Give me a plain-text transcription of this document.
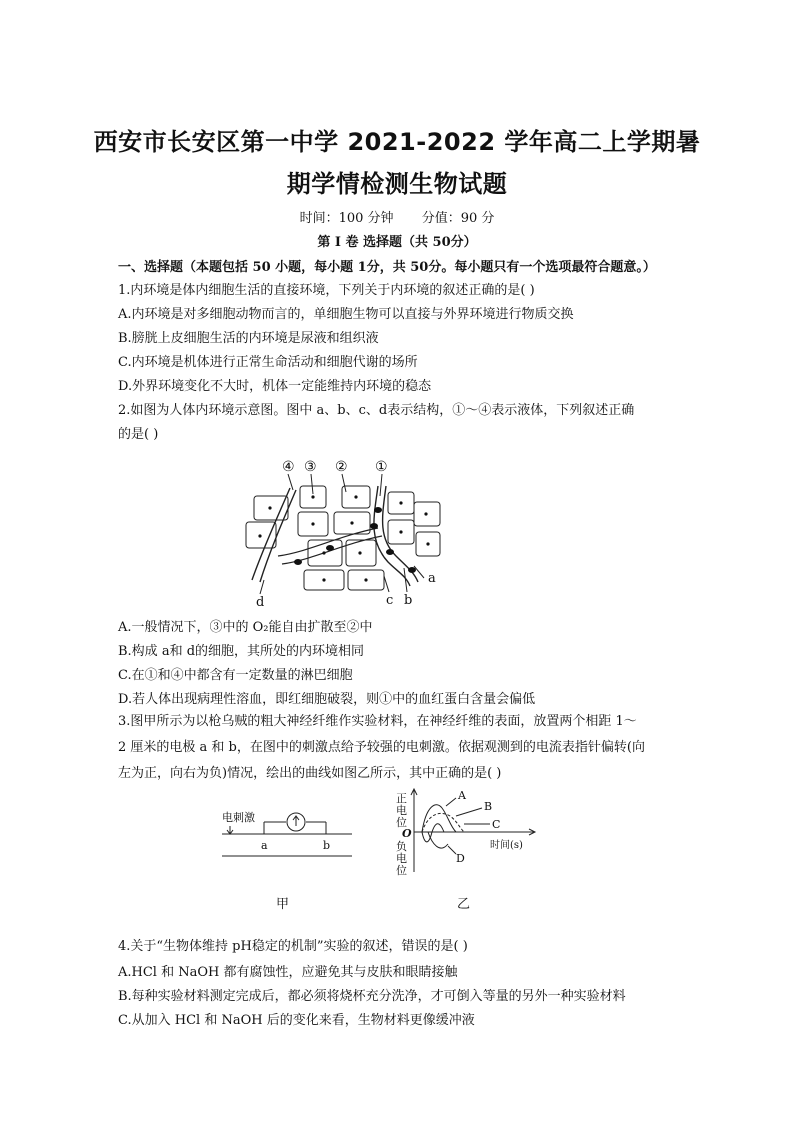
西安市长安区第一中学 2021-2022 学年高二上学期暑
期学情检测生物试题
时间：100 分钟 分值：90 分
第 I 卷 选择题（共 50分）
一、选择题（本题包括 50 小题，每小题 1分，共 50分。每小题只有一个选项最符合题意。）
1.内环境是体内细胞生活的直接环境，下列关于内环境的叙述正确的是( )
A.内环境是对多细胞动物而言的，单细胞生物可以直接与外界环境进行物质交换
B.膀胱上皮细胞生活的内环境是尿液和组织液
C.内环境是机体进行正常生命活动和细胞代谢的场所
D.外界环境变化不大时，机体一定能维持内环境的稳态
2.如图为人体内环境示意图。图中 a、b、c、d表示结构，①～④表示液体，下列叙述正确
的是( )
④ ③ ② ①
a
b
c
d
A.一般情况下，③中的 O₂能自由扩散至②中
B.构成 a和 d的细胞，其所处的内环境相同
C.在①和④中都含有一定数量的淋巴细胞
D.若人体出现病理性溶血，即红细胞破裂，则①中的血红蛋白含量会偏低
3.图甲所示为以枪乌贼的粗大神经纤维作实验材料，在神经纤维的表面，放置两个相距 1～
2 厘米的电极 a 和 b，在图中的刺激点给予较强的电刺激。依据观测到的电流表指针偏转(向
左为正，向右为负)情况，绘出的曲线如图乙所示，其中正确的是( )
电刺激
a	b
甲
正
电
位
O
负
电
位
A
B
C
D
时间(s)
乙
4.关于“生物体维持 pH稳定的机制”实验的叙述，错误的是( )
A.HCl 和 NaOH 都有腐蚀性，应避免其与皮肤和眼睛接触
B.每种实验材料测定完成后，都必须将烧杯充分洗净，才可倒入等量的另外一种实验材料
C.从加入 HCl 和 NaOH 后的变化来看，生物材料更像缓冲液
